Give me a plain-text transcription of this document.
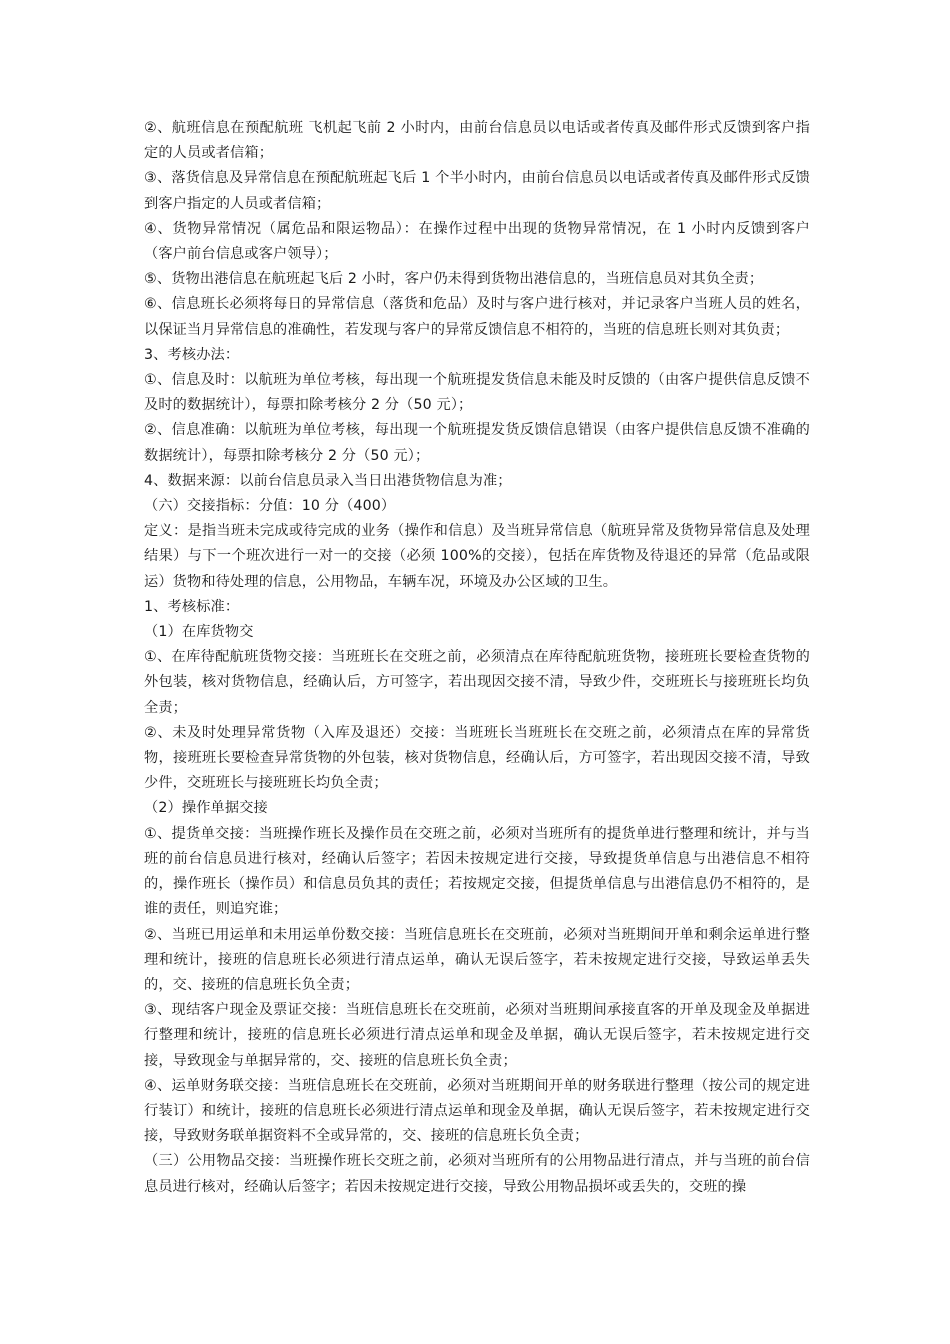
②、航班信息在预配航班 飞机起飞前 2 小时内，由前台信息员以电话或者传真及邮件形式反馈到客户指定的人员或者信箱；

③、落货信息及异常信息在预配航班起飞后 1 个半小时内，由前台信息员以电话或者传真及邮件形式反馈到客户指定的人员或者信箱；

④、货物异常情况（属危品和限运物品）：在操作过程中出现的货物异常情况，在 1 小时内反馈到客户（客户前台信息或客户领导）；

⑤、货物出港信息在航班起飞后 2 小时，客户仍未得到货物出港信息的，当班信息员对其负全责；

⑥、信息班长必须将每日的异常信息（落货和危品）及时与客户进行核对，并记录客户当班人员的姓名，以保证当月异常信息的准确性，若发现与客户的异常反馈信息不相符的，当班的信息班长则对其负责；

3、考核办法：

①、信息及时：以航班为单位考核，每出现一个航班提发货信息未能及时反馈的（由客户提供信息反馈不及时的数据统计），每票扣除考核分 2 分（50 元）；

②、信息准确：以航班为单位考核，每出现一个航班提发货反馈信息错误（由客户提供信息反馈不准确的数据统计），每票扣除考核分 2 分（50 元）；

4、数据来源：以前台信息员录入当日出港货物信息为准；

（六）交接指标：分值：10 分（400）

定义：是指当班未完成或待完成的业务（操作和信息）及当班异常信息（航班异常及货物异常信息及处理结果）与下一个班次进行一对一的交接（必须 100%的交接），包括在库货物及待退还的异常（危品或限运）货物和待处理的信息，公用物品，车辆车况，环境及办公区域的卫生。

1、考核标准：

（1）在库货物交

①、在库待配航班货物交接：当班班长在交班之前，必须清点在库待配航班货物，接班班长要检查货物的外包装，核对货物信息，经确认后，方可签字，若出现因交接不清，导致少件，交班班长与接班班长均负全责；

②、未及时处理异常货物（入库及退还）交接：当班班长当班班长在交班之前，必须清点在库的异常货物，接班班长要检查异常货物的外包装，核对货物信息，经确认后，方可签字，若出现因交接不清，导致少件，交班班长与接班班长均负全责；

（2）操作单据交接

①、提货单交接：当班操作班长及操作员在交班之前，必须对当班所有的提货单进行整理和统计，并与当班的前台信息员进行核对，经确认后签字；若因未按规定进行交接，导致提货单信息与出港信息不相符的，操作班长（操作员）和信息员负其的责任；若按规定交接，但提货单信息与出港信息仍不相符的，是谁的责任，则追究谁；

②、当班已用运单和未用运单份数交接：当班信息班长在交班前，必须对当班期间开单和剩余运单进行整理和统计，接班的信息班长必须进行清点运单，确认无误后签字，若未按规定进行交接，导致运单丢失的，交、接班的信息班长负全责；

③、现结客户现金及票证交接：当班信息班长在交班前，必须对当班期间承接直客的开单及现金及单据进行整理和统计，接班的信息班长必须进行清点运单和现金及单据，确认无误后签字，若未按规定进行交接，导致现金与单据异常的，交、接班的信息班长负全责；

④、运单财务联交接：当班信息班长在交班前，必须对当班期间开单的财务联进行整理（按公司的规定进行装订）和统计，接班的信息班长必须进行清点运单和现金及单据，确认无误后签字，若未按规定进行交接，导致财务联单据资料不全或异常的，交、接班的信息班长负全责；

（三）公用物品交接：当班操作班长交班之前，必须对当班所有的公用物品进行清点，并与当班的前台信息员进行核对，经确认后签字；若因未按规定进行交接，导致公用物品损坏或丢失的，交班的操
